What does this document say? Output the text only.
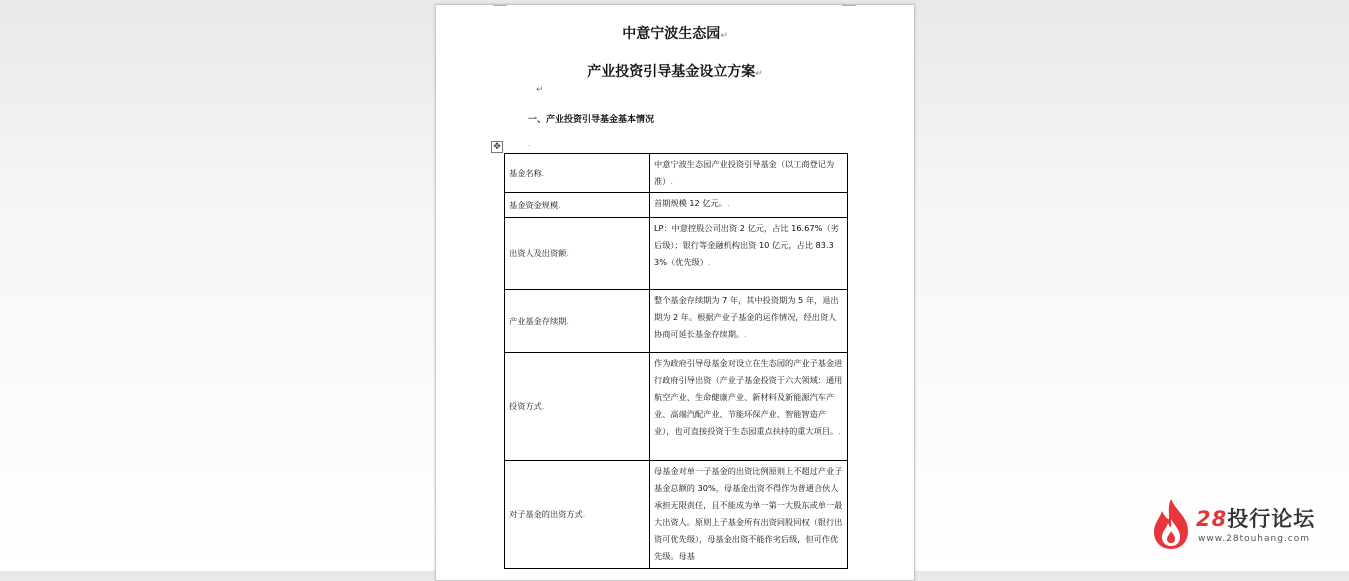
中意宁波生态园↵
产业投资引导基金设立方案↵
↵
一、产业投资引导基金基本情况
✥	.
基金名称.	中意宁波生态园产业投资引导基金（以工商登记为准）.
基金资金规模.	首期规模 12 亿元。.
出资人及出资额.	LP：中意控股公司出资 2 亿元，占比 16.67%（劣后级）；银行等金融机构出资 10 亿元，占比 83.33%（优先级）.
产业基金存续期.	整个基金存续期为 7 年，其中投资期为 5 年，退出期为 2 年。根据产业子基金的运作情况，经出资人协商可延长基金存续期。.
投资方式.	作为政府引导母基金对设立在生态园的产业子基金进行政府引导出资（产业子基金投资于六大领域：通用航空产业、生命健康产业、新材料及新能源汽车产业、高端汽配产业、节能环保产业、智能智造产业），也可直接投资于生态园重点扶持的重大项目。.
对子基金的出资方式.	母基金对单一子基金的出资比例原则上不超过产业子基金总额的 30%，母基金出资不得作为普通合伙人承担无限责任，且不能成为单一第一大股东或单一最大出资人。原则上子基金所有出资同股同权（银行出资可优先级），母基金出资不能作劣后级，但可作优先级。母基
28投行论坛
www.28touhang.com
